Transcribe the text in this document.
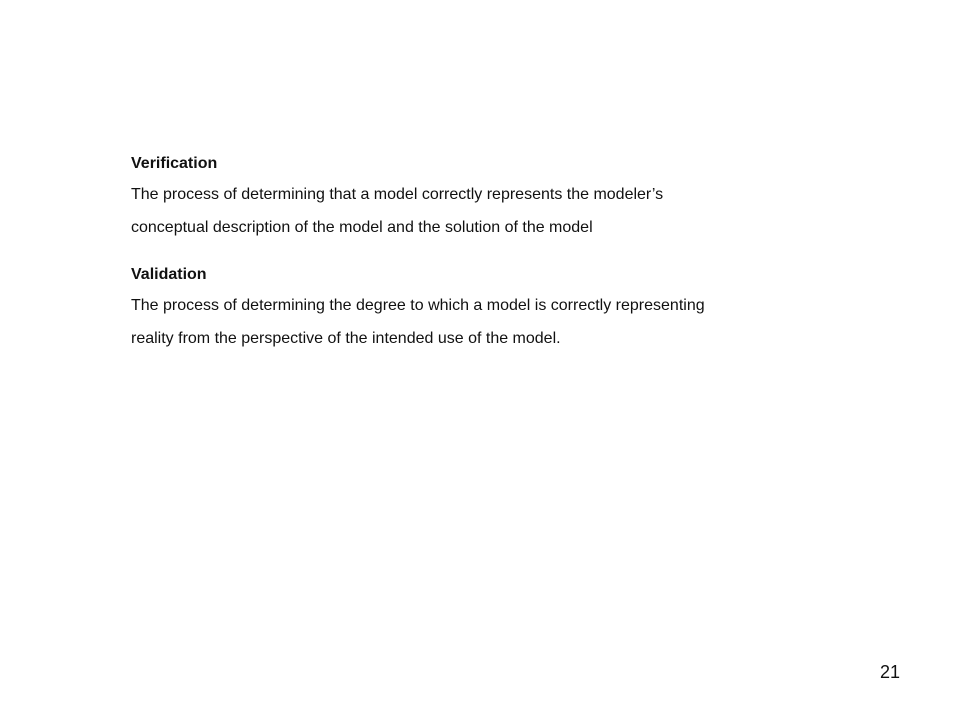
Verification

The process of determining that a model correctly represents the modeler’s

conceptual description of the model and the solution of the model

Validation

The process of determining the degree to which a model is correctly representing

reality from the perspective of the intended use of the model.

21
